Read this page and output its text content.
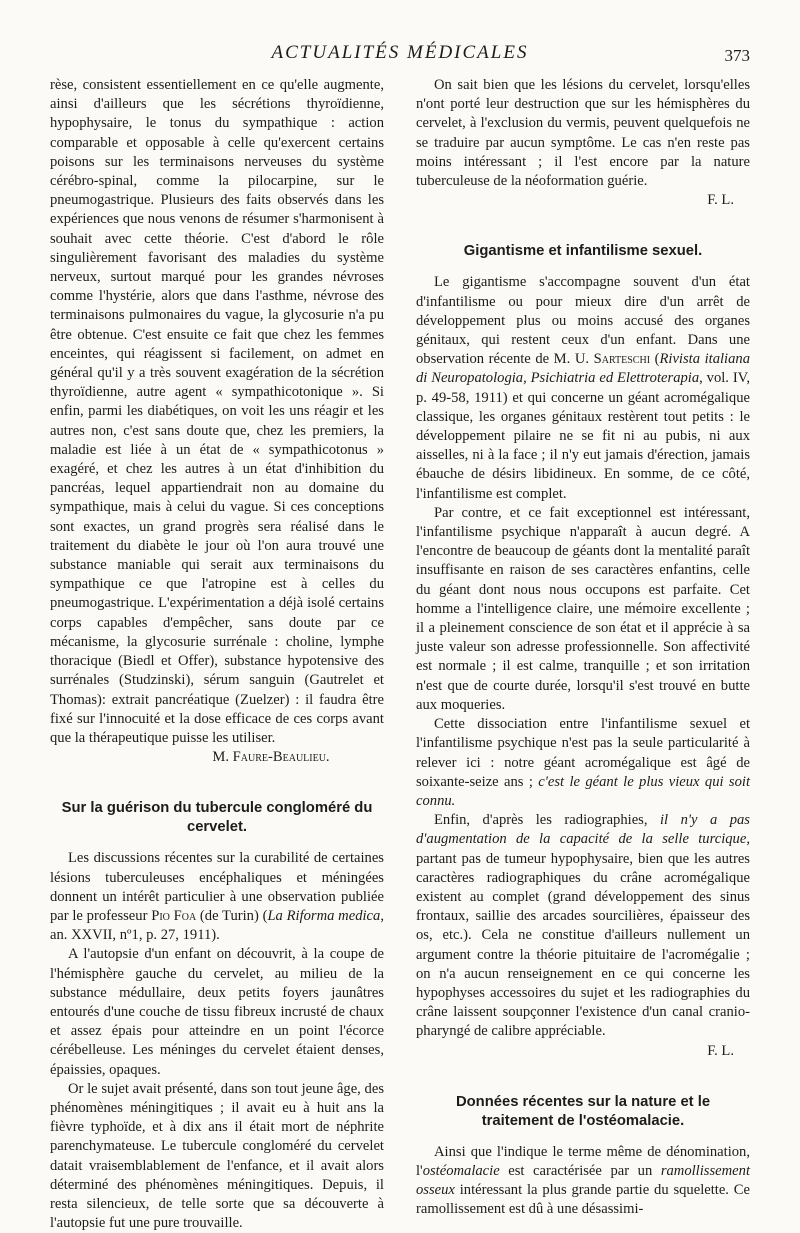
ACTUALITÉS MÉDICALES	373

rèse, consistent essentiellement en ce qu'elle augmente, ainsi d'ailleurs que les sécrétions thyroïdienne, hypophysaire, le tonus du sympathique : action comparable et opposable à celle qu'exercent certains poisons sur les terminaisons nerveuses du système cérébro-spinal, comme la pilocarpine, sur le pneumogastrique. Plusieurs des faits observés dans les expériences que nous venons de résumer s'harmonisent à souhait avec cette théorie. C'est d'abord le rôle singulièrement favorisant des maladies du système nerveux, surtout marqué pour les grandes névroses comme l'hystérie, alors que dans l'asthme, névrose des terminaisons pulmonaires du vague, la glycosurie n'a pu être obtenue. C'est ensuite ce fait que chez les femmes enceintes, qui réagissent si facilement, on admet en général qu'il y a très souvent exagération de la sécrétion thyroïdienne, autre agent « sympathicotonique ». Si enfin, parmi les diabétiques, on voit les uns réagir et les autres non, c'est sans doute que, chez les premiers, la maladie est liée à un état de « sympathicotonus » exagéré, et chez les autres à un état d'inhibition du pancréas, lequel appartiendrait non au domaine du sympathique, mais à celui du vague. Si ces conceptions sont exactes, un grand progrès sera réalisé dans le traitement du diabète le jour où l'on aura trouvé une substance maniable qui serait aux terminaisons du sympathique ce que l'atropine est à celles du pneumogastrique. L'expérimentation a déjà isolé certains corps capables d'empêcher, sans doute par ce mécanisme, la glycosurie surrénale : choline, lymphe thoracique (Biedl et Offer), substance hypotensive des surrénales (Studzinski), sérum sanguin (Gautrelet et Thomas): extrait pancréatique (Zuelzer) : il faudra être fixé sur l'innocuité et la dose efficace de ces corps avant que la thérapeutique puisse les utiliser.

M. Faure-Beaulieu.

Sur la guérison du tubercule congloméré du cervelet.

Les discussions récentes sur la curabilité de certaines lésions tuberculeuses encéphaliques et méningées donnent un intérêt particulier à une observation publiée par le professeur Pio Foa (de Turin) (La Riforma medica, an. XXVII, nº1, p. 27, 1911).

A l'autopsie d'un enfant on découvrit, à la coupe de l'hémisphère gauche du cervelet, au milieu de la substance médullaire, deux petits foyers jaunâtres entourés d'une couche de tissu fibreux incrusté de chaux et assez épais pour atteindre en un point l'écorce cérébelleuse. Les méninges du cervelet étaient denses, épaissies, opaques.

Or le sujet avait présenté, dans son tout jeune âge, des phénomènes méningitiques ; il avait eu à huit ans la fièvre typhoïde, et à dix ans il était mort de néphrite parenchymateuse. Le tubercule congloméré du cervelet datait vraisemblablement de l'enfance, et il avait alors déterminé des phénomènes méningitiques. Depuis, il resta silencieux, de telle sorte que sa découverte à l'autopsie fut une pure trouvaille.

On sait bien que les lésions du cervelet, lorsqu'elles n'ont porté leur destruction que sur les hémisphères du cervelet, à l'exclusion du vermis, peuvent quelquefois ne se traduire par aucun symptôme. Le cas n'en reste pas moins intéressant ; il l'est encore par la nature tuberculeuse de la néoformation guérie.

F. L.

Gigantisme et infantilisme sexuel.

Le gigantisme s'accompagne souvent d'un état d'infantilisme ou pour mieux dire d'un arrêt de développement plus ou moins accusé des organes génitaux, qui restent ceux d'un enfant. Dans une observation récente de M. U. Sarteschi (Rivista italiana di Neuropatologia, Psichiatria ed Elettroterapia, vol. IV, p. 49-58, 1911) et qui concerne un géant acromégalique classique, les organes génitaux restèrent tout petits : le développement pilaire ne se fit ni au pubis, ni aux aisselles, ni à la face ; il n'y eut jamais d'érection, jamais ébauche de désirs libidineux. En somme, de ce côté, l'infantilisme est complet.

Par contre, et ce fait exceptionnel est intéressant, l'infantilisme psychique n'apparaît à aucun degré. A l'encontre de beaucoup de géants dont la mentalité paraît insuffisante en raison de ses caractères enfantins, celle du géant dont nous nous occupons est parfaite. Cet homme a l'intelligence claire, une mémoire excellente ; il a pleinement conscience de son état et il apprécie à sa juste valeur son adresse professionnelle. Son affectivité est normale ; il est calme, tranquille ; et son irritation n'est que de courte durée, lorsqu'il s'est trouvé en butte aux moqueries.

Cette dissociation entre l'infantilisme sexuel et l'infantilisme psychique n'est pas la seule particularité à relever ici : notre géant acromégalique est âgé de soixante-seize ans ; c'est le géant le plus vieux qui soit connu.

Enfin, d'après les radiographies, il n'y a pas d'augmentation de la capacité de la selle turcique, partant pas de tumeur hypophysaire, bien que les autres caractères radiographiques du crâne acromégalique existent au complet (grand développement des sinus frontaux, saillie des arcades sourcilières, épaisseur des os, etc.). Cela ne constitue d'ailleurs nullement un argument contre la théorie pituitaire de l'acromégalie ; on n'a aucun renseignement en ce qui concerne les hypophyses accessoires du sujet et les radiographies du crâne laissent soupçonner l'existence d'un canal cranio-pharyngé de calibre appréciable.

F. L.

Données récentes sur la nature et le traitement de l'ostéomalacie.

Ainsi que l'indique le terme même de dénomination, l'ostéomalacie est caractérisée par un ramollissement osseux intéressant la plus grande partie du squelette. Ce ramollissement est dû à une désassimi-
